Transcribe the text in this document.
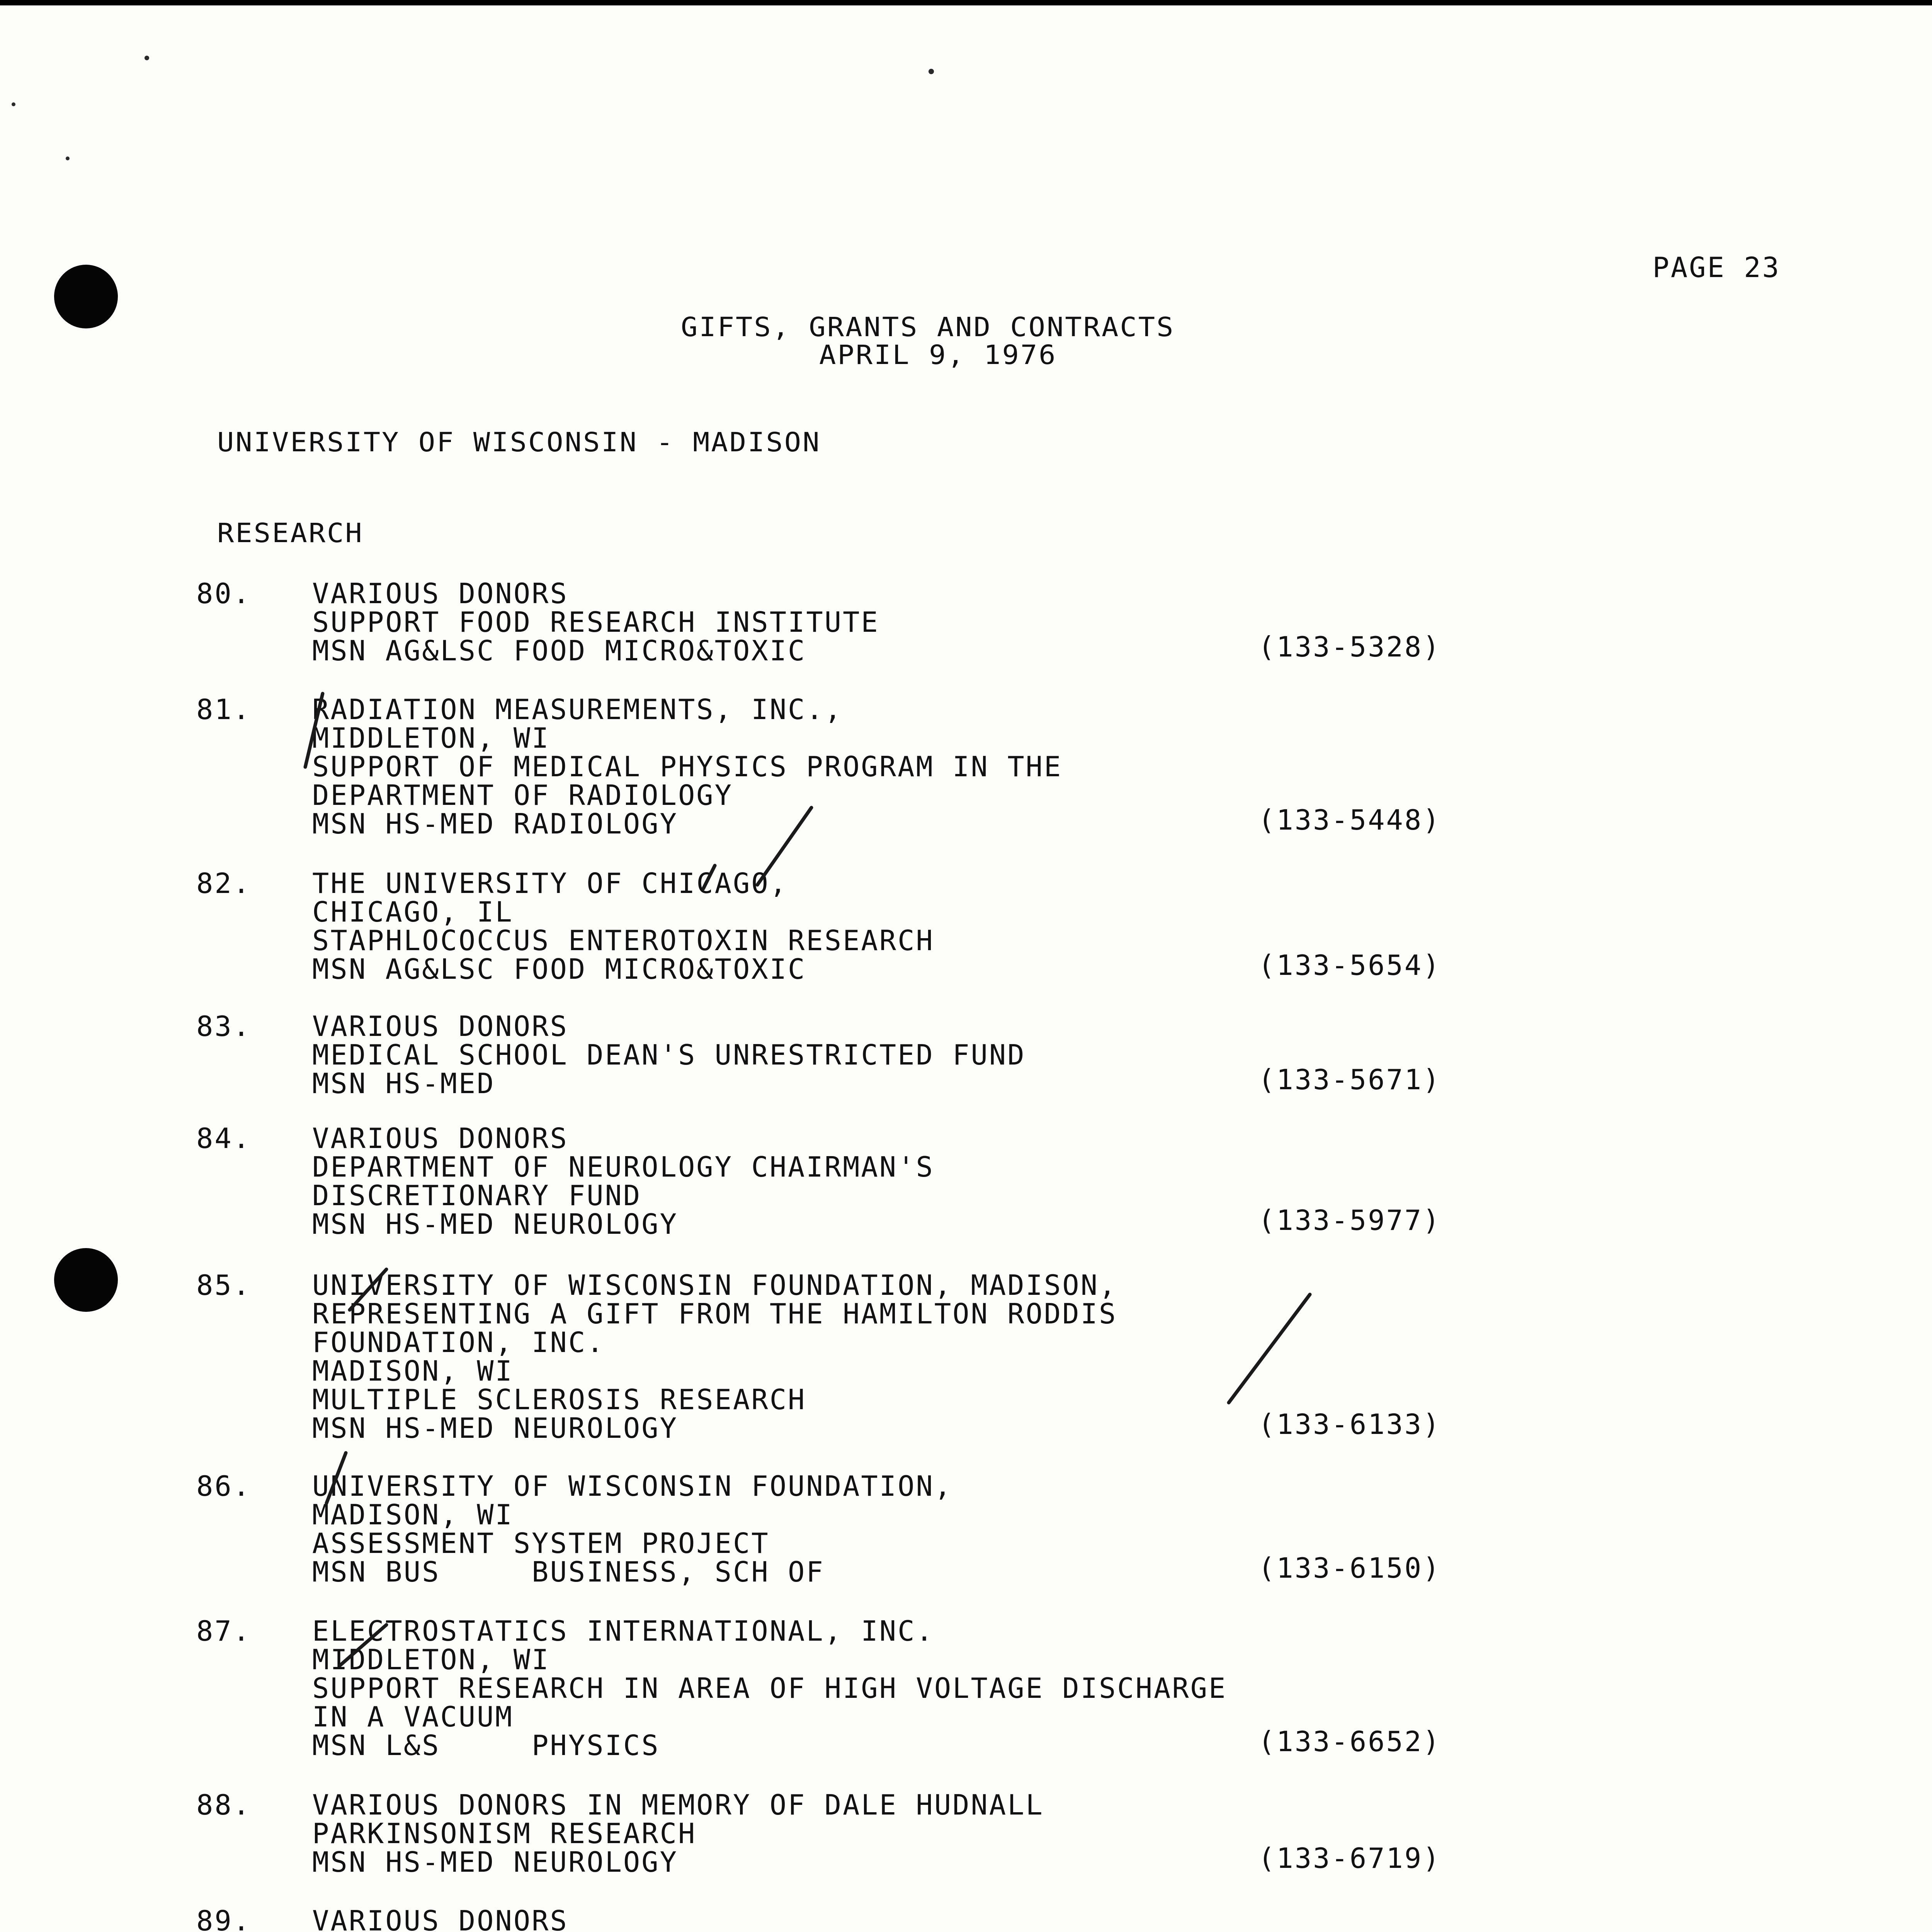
PAGE 23
GIFTS, GRANTS AND CONTRACTS
APRIL 9, 1976
UNIVERSITY OF WISCONSIN - MADISON
RESEARCH
80. VARIOUS DONORS
SUPPORT FOOD RESEARCH INSTITUTE
MSN AG&LSC FOOD MICRO&TOXIC	(133-5328)
81. RADIATION MEASUREMENTS, INC.,
MIDDLETON, WI
SUPPORT OF MEDICAL PHYSICS PROGRAM IN THE
DEPARTMENT OF RADIOLOGY
MSN HS-MED RADIOLOGY	(133-5448)
82. THE UNIVERSITY OF CHICAGO,
CHICAGO, IL
STAPHLOCOCCUS ENTEROTOXIN RESEARCH
MSN AG&LSC FOOD MICRO&TOXIC	(133-5654)
83. VARIOUS DONORS
MEDICAL SCHOOL DEAN'S UNRESTRICTED FUND
MSN HS-MED	(133-5671)
84. VARIOUS DONORS
DEPARTMENT OF NEUROLOGY CHAIRMAN'S
DISCRETIONARY FUND
MSN HS-MED NEUROLOGY	(133-5977)
85. UNIVERSITY OF WISCONSIN FOUNDATION, MADISON,
REPRESENTING A GIFT FROM THE HAMILTON RODDIS
FOUNDATION, INC.
MADISON, WI
MULTIPLE SCLEROSIS RESEARCH
MSN HS-MED NEUROLOGY	(133-6133)
86. UNIVERSITY OF WISCONSIN FOUNDATION,
MADISON, WI
ASSESSMENT SYSTEM PROJECT
MSN BUS     BUSINESS, SCH OF	(133-6150)
87. ELECTROSTATICS INTERNATIONAL, INC.
MIDDLETON, WI
SUPPORT RESEARCH IN AREA OF HIGH VOLTAGE DISCHARGE
IN A VACUUM
MSN L&S     PHYSICS	(133-6652)
88. VARIOUS DONORS IN MEMORY OF DALE HUDNALL
PARKINSONISM RESEARCH
MSN HS-MED NEUROLOGY	(133-6719)
89. VARIOUS DONORS
